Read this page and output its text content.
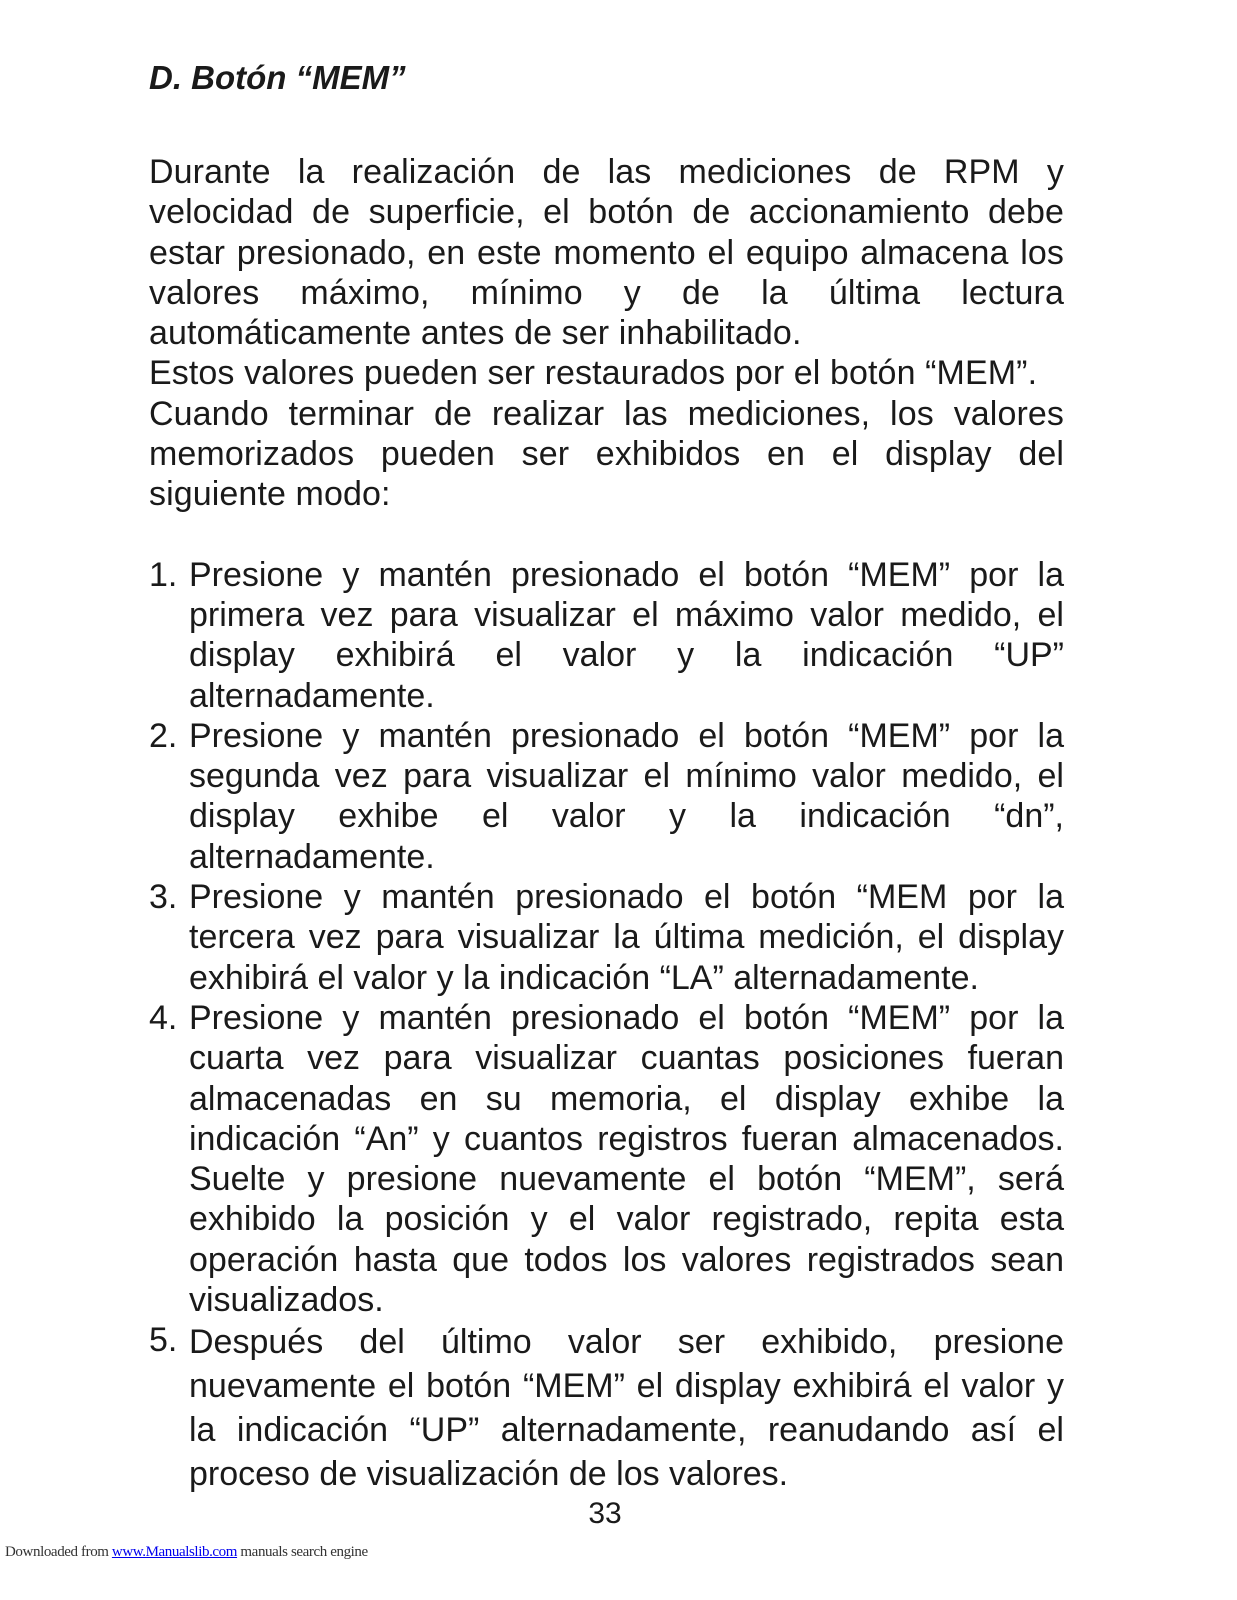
D. Botón “MEM”

Durante la realización de las mediciones de RPM y velocidad de superficie, el botón de accionamiento debe estar presionado, en este momento el equipo almacena los valores máximo, mínimo y de la última lectura automáticamente antes de ser inhabilitado.

Estos valores pueden ser restaurados por el botón “MEM”.

Cuando terminar de realizar las mediciones, los valores memorizados pueden ser exhibidos en el display del siguiente modo:

1. Presione y mantén presionado el botón “MEM” por la primera vez para visualizar el máximo valor medido, el display exhibirá el valor y la indicación “UP” alternadamente.
2. Presione y mantén presionado el botón “MEM” por la segunda vez para visualizar el mínimo valor medido, el display exhibe el valor y la indicación “dn”, alternadamente.
3. Presione y mantén presionado el botón “MEM por la tercera vez para visualizar la última medición, el display exhibirá el valor y la indicación “LA” alternadamente.
4. Presione y mantén presionado el botón “MEM” por la cuarta vez para visualizar cuantas posiciones fueran almacenadas en su memoria, el display exhibe la indicación “An” y cuantos registros fueran almacenados. Suelte y presione nuevamente el botón “MEM”, será exhibido la posición y el valor registrado, repita esta operación hasta que todos los valores registrados sean visualizados.
5. Después del último valor ser exhibido, presione nuevamente el botón “MEM” el display exhibirá el valor y la indicación “UP” alternadamente, reanudando así el proceso de visualización de los valores.
33
Downloaded from www.Manualslib.com manuals search engine
